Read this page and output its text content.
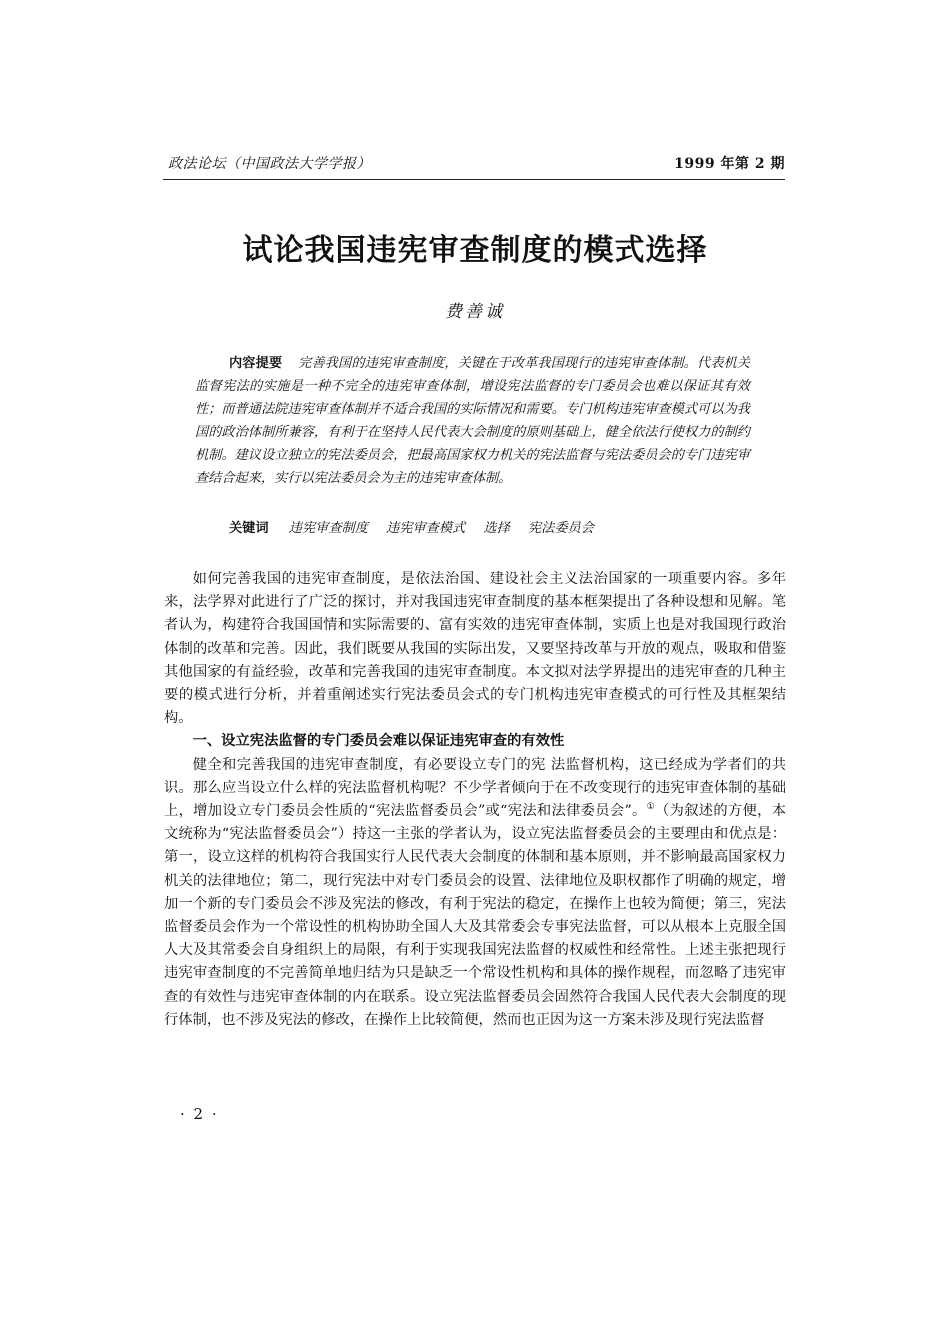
政法论坛（中国政法大学学报）	1999 年第 2 期
试论我国违宪审查制度的模式选择
费善诚

内容提要 完善我国的违宪审查制度，关键在于改革我国现行的违宪审查体制。代表机关监督宪法的实施是一种不完全的违宪审查体制，增设宪法监督的专门委员会也难以保证其有效性；而普通法院违宪审查体制并不适合我国的实际情况和需要。专门机构违宪审查模式可以为我国的政治体制所兼容，有利于在坚持人民代表大会制度的原则基础上，健全依法行使权力的制约机制。建议设立独立的宪法委员会，把最高国家权力机关的宪法监督与宪法委员会的专门违宪审查结合起来，实行以宪法委员会为主的违宪审查体制。

关键词 违宪审查制度 违宪审查模式 选择 宪法委员会

如何完善我国的违宪审查制度，是依法治国、建设社会主义法治国家的一项重要内容。多年来，法学界对此进行了广泛的探讨，并对我国违宪审查制度的基本框架提出了各种设想和见解。笔者认为，构建符合我国国情和实际需要的、富有实效的违宪审查体制，实质上也是对我国现行政治体制的改革和完善。因此，我们既要从我国的实际出发，又要坚持改革与开放的观点，吸取和借鉴其他国家的有益经验，改革和完善我国的违宪审查制度。本文拟对法学界提出的违宪审查的几种主要的模式进行分析，并着重阐述实行宪法委员会式的专门机构违宪审查模式的可行性及其框架结构。

一、设立宪法监督的专门委员会难以保证违宪审查的有效性

健全和完善我国的违宪审查制度，有必要设立专门的宪 法监督机构，这已经成为学者们的共识。那么应当设立什么样的宪法监督机构呢？不少学者倾向于在不改变现行的违宪审查体制的基础上，增加设立专门委员会性质的“宪法监督委员会”或“宪法和法律委员会”。①（为叙述的方便，本文统称为“宪法监督委员会”）持这一主张的学者认为，设立宪法监督委员会的主要理由和优点是：第一，设立这样的机构符合我国实行人民代表大会制度的体制和基本原则，并不影响最高国家权力机关的法律地位；第二，现行宪法中对专门委员会的设置、法律地位及职权都作了明确的规定，增加一个新的专门委员会不涉及宪法的修改，有利于宪法的稳定，在操作上也较为简便；第三，宪法监督委员会作为一个常设性的机构协助全国人大及其常委会专事宪法监督，可以从根本上克服全国人大及其常委会自身组织上的局限，有利于实现我国宪法监督的权威性和经常性。上述主张把现行违宪审查制度的不完善简单地归结为只是缺乏一个常设性机构和具体的操作规程，而忽略了违宪审查的有效性与违宪审查体制的内在联系。设立宪法监督委员会固然符合我国人民代表大会制度的现行体制，也不涉及宪法的修改，在操作上比较简便，然而也正因为这一方案未涉及现行宪法监督

· 2 ·
